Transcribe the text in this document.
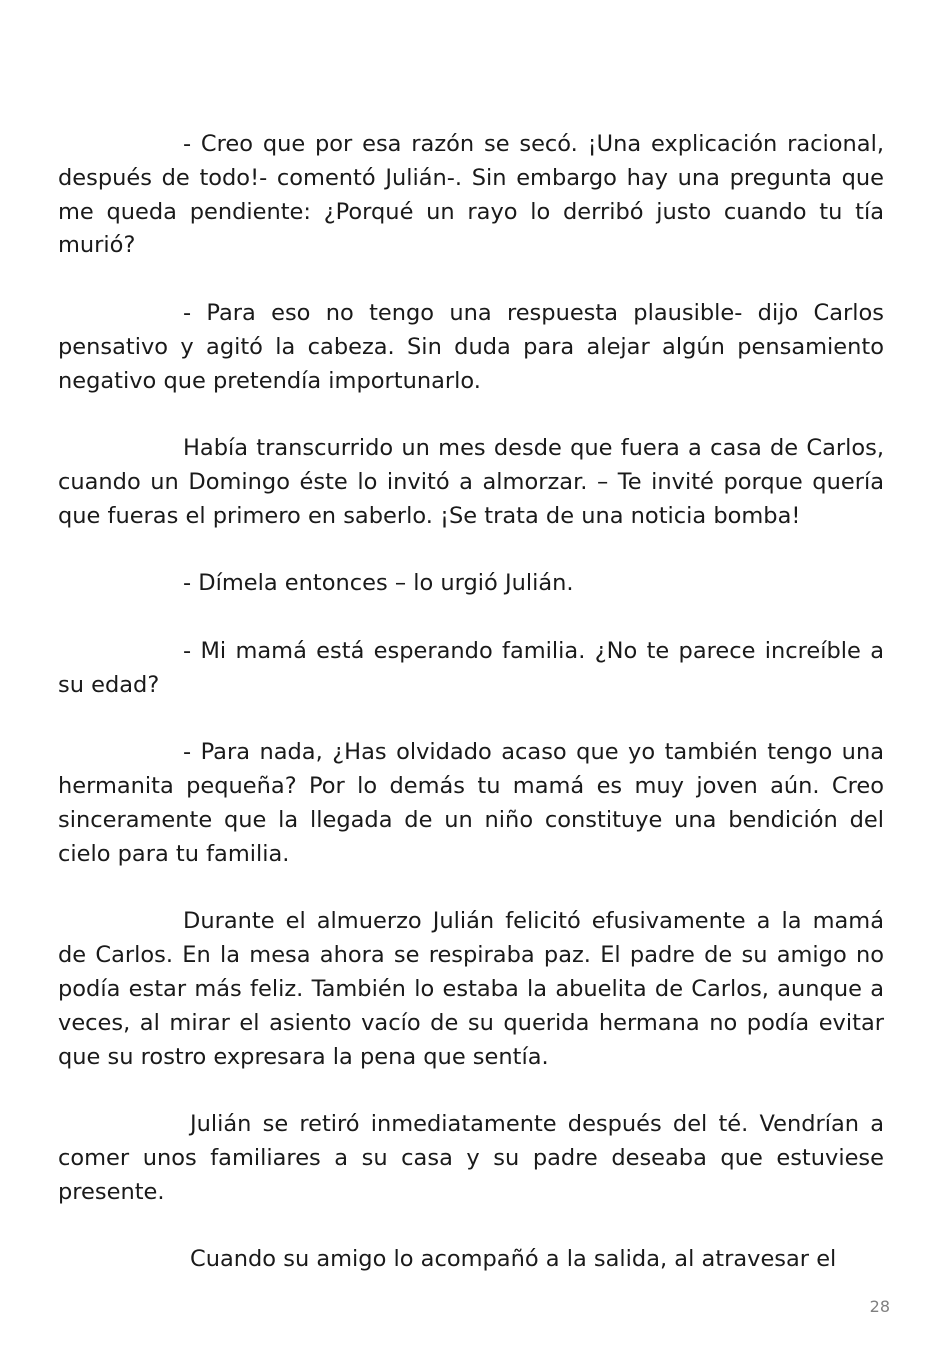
- Creo que por esa razón se secó. ¡Una explicación racional, después de todo!- comentó Julián-. Sin embargo hay una pregunta que me queda pendiente: ¿Porqué un rayo lo derribó justo cuando tu tía murió?

- Para eso no tengo una respuesta plausible- dijo Carlos pensativo y agitó la cabeza. Sin duda para alejar algún pensamiento negativo que pretendía importunarlo.

Había transcurrido un mes desde que fuera a casa de Carlos, cuando un Domingo éste lo invitó a almorzar. – Te invité porque quería que fueras el primero en saberlo. ¡Se trata de una noticia bomba!

- Dímela entonces – lo urgió Julián.

- Mi mamá está esperando familia. ¿No te parece increíble a su edad?

- Para nada, ¿Has olvidado acaso que yo también tengo una hermanita pequeña? Por lo demás tu mamá es muy joven aún. Creo sinceramente que la llegada de un niño constituye una bendición del cielo para tu familia.

Durante el almuerzo Julián felicitó efusivamente a la mamá de Carlos. En la mesa ahora se respiraba paz. El padre de su amigo no podía estar más feliz. También lo estaba la abuelita de Carlos, aunque a veces, al mirar el asiento vacío de su querida hermana no podía evitar que su rostro expresara la pena que sentía.

Julián se retiró inmediatamente después del té. Vendrían a comer unos familiares a su casa y su padre deseaba que estuviese presente.

Cuando su amigo lo acompañó a la salida, al atravesar el

28
